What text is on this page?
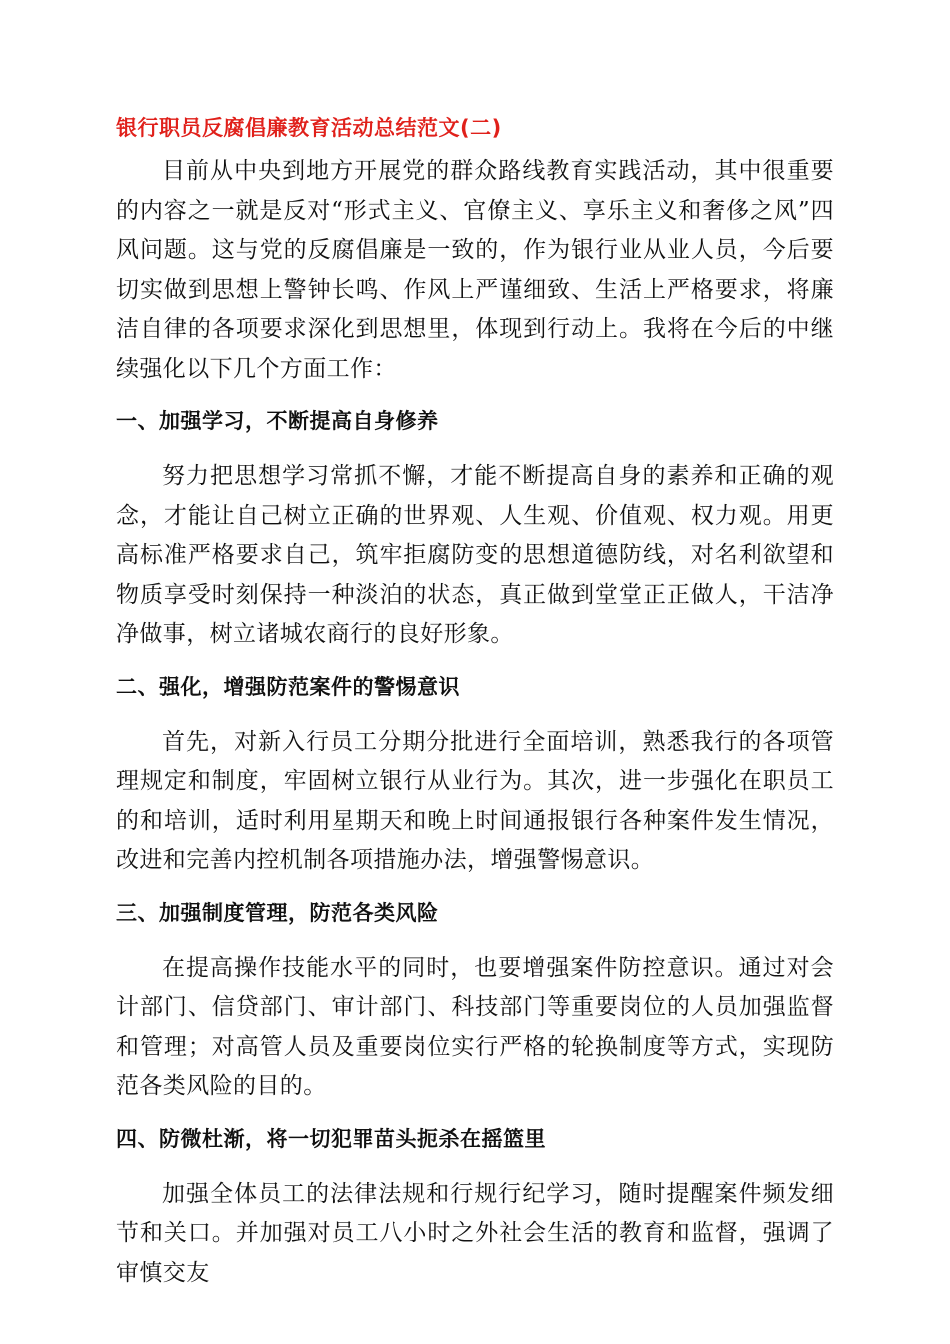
银行职员反腐倡廉教育活动总结范文(二)

目前从中央到地方开展党的群众路线教育实践活动，其中很重要的内容之一就是反对“形式主义、官僚主义、享乐主义和奢侈之风”四风问题。这与党的反腐倡廉是一致的，作为银行业从业人员，今后要切实做到思想上警钟长鸣、作风上严谨细致、生活上严格要求，将廉洁自律的各项要求深化到思想里，体现到行动上。我将在今后的中继续强化以下几个方面工作：

一、加强学习，不断提高自身修养

努力把思想学习常抓不懈，才能不断提高自身的素养和正确的观念，才能让自己树立正确的世界观、人生观、价值观、权力观。用更高标准严格要求自己，筑牢拒腐防变的思想道德防线，对名利欲望和物质享受时刻保持一种淡泊的状态，真正做到堂堂正正做人，干洁净净做事，树立诸城农商行的良好形象。

二、强化，增强防范案件的警惕意识

首先，对新入行员工分期分批进行全面培训，熟悉我行的各项管理规定和制度，牢固树立银行从业行为。其次，进一步强化在职员工的和培训，适时利用星期天和晚上时间通报银行各种案件发生情况，改进和完善内控机制各项措施办法，增强警惕意识。

三、加强制度管理，防范各类风险

在提高操作技能水平的同时，也要增强案件防控意识。通过对会计部门、信贷部门、审计部门、科技部门等重要岗位的人员加强监督和管理；对高管人员及重要岗位实行严格的轮换制度等方式，实现防范各类风险的目的。

四、防微杜渐，将一切犯罪苗头扼杀在摇篮里

加强全体员工的法律法规和行规行纪学习，随时提醒案件频发细节和关口。并加强对员工八小时之外社会生活的教育和监督，强调了审慎交友
